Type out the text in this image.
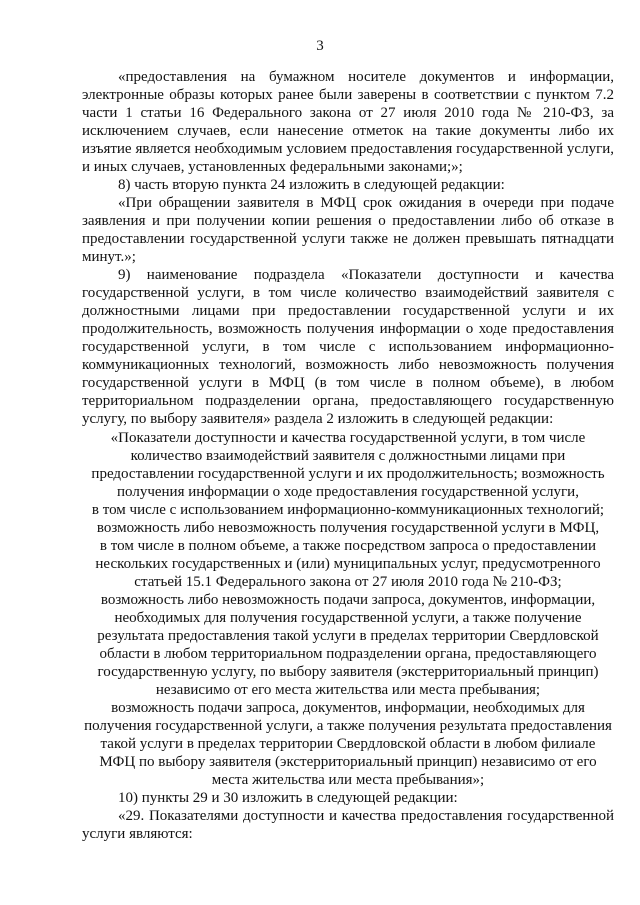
3

«предоставления на бумажном носителе документов и информации, электронные образы которых ранее были заверены в соответствии с пунктом 7.2 части 1 статьи 16 Федерального закона от 27 июля 2010 года № 210-ФЗ, за исключением случаев, если нанесение отметок на такие документы либо их изъятие является необходимым условием предоставления государственной услуги, и иных случаев, установленных федеральными законами;»;

8) часть вторую пункта 24 изложить в следующей редакции:

«При обращении заявителя в МФЦ срок ожидания в очереди при подаче заявления и при получении копии решения о предоставлении либо об отказе в предоставлении государственной услуги также не должен превышать пятнадцати минут.»;

9) наименование подраздела «Показатели доступности и качества государственной услуги, в том числе количество взаимодействий заявителя с должностными лицами при предоставлении государственной услуги и их продолжительность, возможность получения информации о ходе предоставления государственной услуги, в том числе с использованием информационно-коммуникационных технологий, возможность либо невозможность получения государственной услуги в МФЦ (в том числе в полном объеме), в любом территориальном подразделении органа, предоставляющего государственную услугу, по выбору заявителя» раздела 2 изложить в следующей редакции:

«Показатели доступности и качества государственной услуги, в том числе
количество взаимодействий заявителя с должностными лицами при
предоставлении государственной услуги и их продолжительность; возможность
получения информации о ходе предоставления государственной услуги,
в том числе с использованием информационно-коммуникационных технологий;
возможность либо невозможность получения государственной услуги в МФЦ,
в том числе в полном объеме, а также посредством запроса о предоставлении
нескольких государственных и (или) муниципальных услуг, предусмотренного
статьей 15.1 Федерального закона от 27 июля 2010 года № 210-ФЗ;
возможность либо невозможность подачи запроса, документов, информации,
необходимых для получения государственной услуги, а также получение
результата предоставления такой услуги в пределах территории Свердловской
области в любом территориальном подразделении органа, предоставляющего
государственную услугу, по выбору заявителя (экстерриториальный принцип)
независимо от его места жительства или места пребывания;
возможность подачи запроса, документов, информации, необходимых для
получения государственной услуги, а также получения результата предоставления
такой услуги в пределах территории Свердловской области в любом филиале
МФЦ по выбору заявителя (экстерриториальный принцип) независимо от его
места жительства или места пребывания»;

10) пункты 29 и 30 изложить в следующей редакции:

«29. Показателями доступности и качества предоставления государственной услуги являются:
